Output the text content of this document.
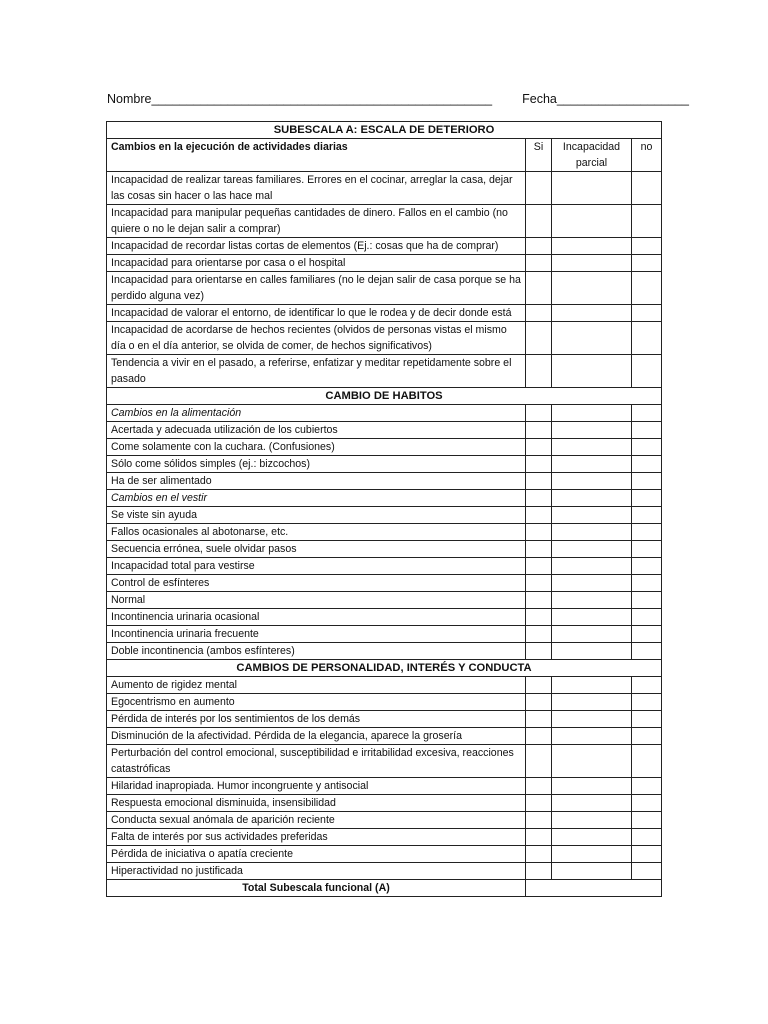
Nombre_________________________________________________ Fecha___________________
SUBESCALA A: ESCALA DE DETERIORO			
Cambios en la ejecución de actividades diarias	Si	Incapacidad parcial	no
Incapacidad de realizar tareas familiares. Errores en el cocinar, arreglar la casa, dejar las cosas sin hacer o las hace mal			
Incapacidad para manipular pequeñas cantidades de dinero. Fallos en el cambio (no quiere o no le dejan salir a comprar)			
Incapacidad de recordar listas cortas de elementos (Ej.: cosas que ha de comprar)			
Incapacidad para orientarse por casa o el hospital			
Incapacidad para orientarse en calles familiares (no le dejan salir de casa porque se ha perdido alguna vez)			
Incapacidad de valorar el entorno, de identificar lo que le rodea y de decir donde está			
Incapacidad de acordarse de hechos recientes (olvidos de personas vistas el mismo día o en el día anterior, se olvida de comer, de hechos significativos)			
Tendencia a vivir en el pasado, a referirse, enfatizar y meditar repetidamente sobre el pasado			
CAMBIO DE HABITOS			
Cambios en la alimentación			
Acertada y adecuada utilización de los cubiertos			
Come solamente con la cuchara. (Confusiones)			
Sólo come sólidos simples (ej.: bizcochos)			
Ha de ser alimentado			
Cambios en el vestir			
Se viste sin ayuda			
Fallos ocasionales al abotonarse, etc.			
Secuencia errónea, suele olvidar pasos			
Incapacidad total para vestirse			
Control de esfínteres			
Normal			
Incontinencia urinaria ocasional			
Incontinencia urinaria frecuente			
Doble incontinencia (ambos esfínteres)			
CAMBIOS DE PERSONALIDAD, INTERÉS Y CONDUCTA			
Aumento de rigidez mental			
Egocentrismo en aumento			
Pérdida de interés por los sentimientos de los demás			
Disminución de la afectividad. Pérdida de la elegancia, aparece la grosería			
Perturbación del control emocional, susceptibilidad e irritabilidad excesiva, reacciones catastróficas			
Hilaridad inapropiada. Humor incongruente y antisocial			
Respuesta emocional disminuida, insensibilidad			
Conducta sexual anómala de aparición reciente			
Falta de interés por sus actividades preferidas			
Pérdida de iniciativa o apatía creciente			
Hiperactividad no justificada			
Total Subescala funcional (A)			
